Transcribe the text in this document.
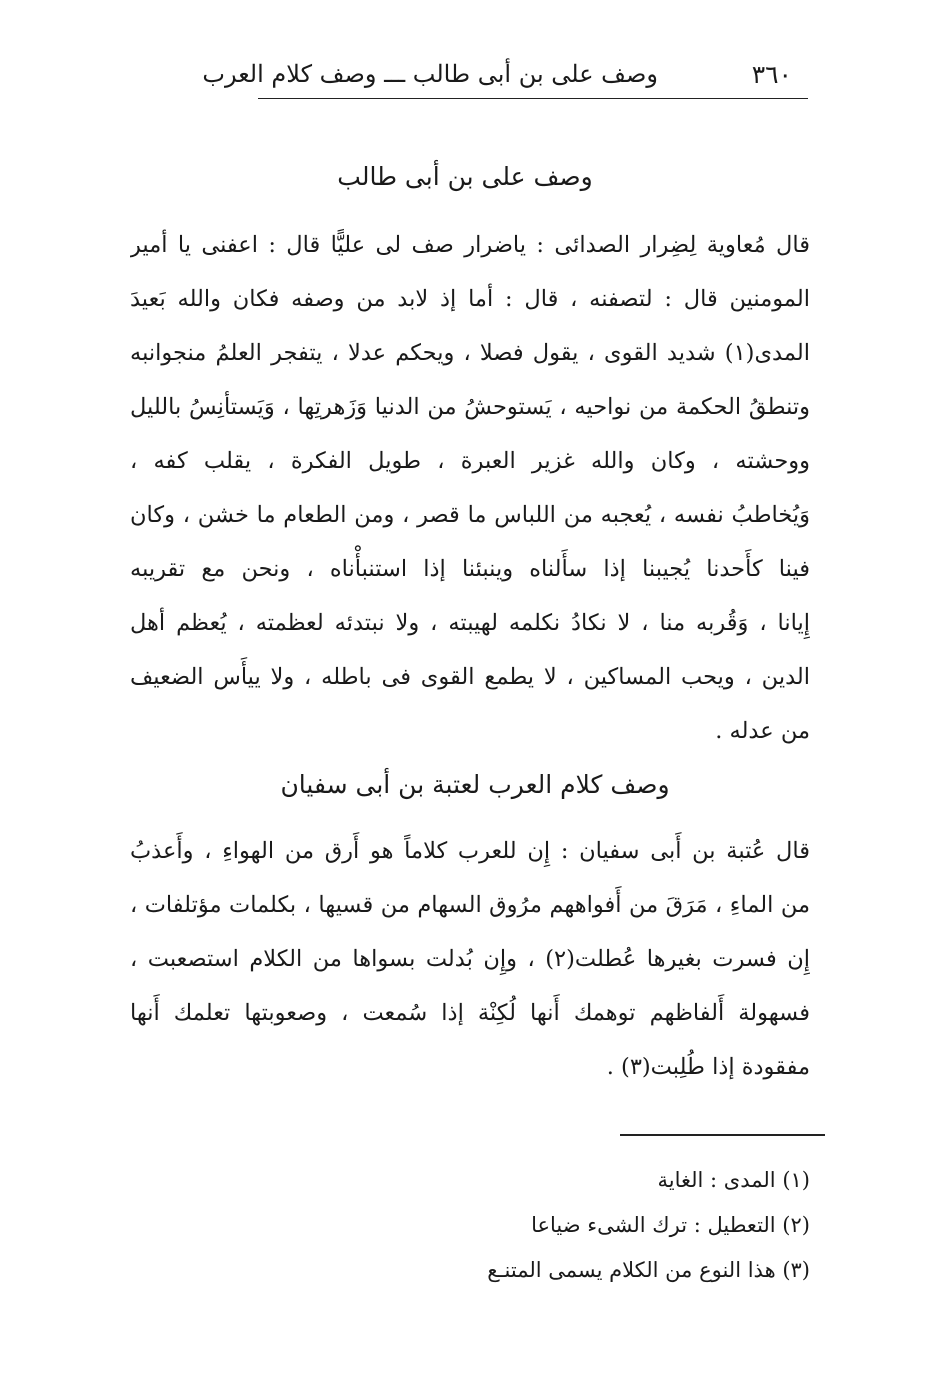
٣٦٠
وصف على بن أبى طالب ـــ وصف كلام العرب
وصف على بن أبى طالب
قال مُعاوية لِضِرار الصدائى : ياضرار صف لى عليًّا قال : اعفنى يا أمير
المومنين قال : لتصفنه ، قال : أما إذ لابد من وصفه فكان والله بَعيدَ
المدى(١) شديد القوى ، يقول فصلا ، ويحكم عدلا ، يتفجر العلمُ منجوانبه
وتنطقُ الحكمة من نواحيه ، يَستوحشُ من الدنيا وَزَهرتِها ، وَيَستأنِسُ بالليل
ووحشته ، وكان والله غزير العبرة ، طويل الفكرة ، يقلب كفه ،
وَيُخاطبُ نفسه ، يُعجبه من اللباس ما قصر ، ومن الطعام ما خشن ، وكان
فينا كأَحدنا يُجيبنا إذا سأَلناه وينبئنا إذا استنبأْناه ، ونحن مع تقريبه
إِيانا ، وَقُربه منا ، لا نكادُ نكلمه لهيبته ، ولا نبتدئه لعظمته ، يُعظم أهل
الدين ، ويحب المساكين ، لا يطمع القوى فى باطله ، ولا ييأَس الضعيف
من عدله .
وصف كلام العرب لعتبة بن أبى سفيان
قال عُتبة بن أَبى سفيان : إِن للعرب كلاماً هو أَرق من الهواءِ ، وأَعذبُ
من الماءِ ، مَرَقَ من أَفواههم مرُوق السهام من قسيها ، بكلمات مؤتلفات ،
إِن فسرت بغيرها عُطلت(٢) ، وإِن بُدلت بسواها من الكلام استصعبت ،
فسهولة أَلفاظهم توهمك أَنها لُكِنْة إذا سُمعت ، وصعوبتها تعلمك أَنها
مفقودة إذا طُلِبت(٣) .
(١) المدى : الغاية
(٢) التعطيل : ترك الشىء ضياعا
(٣) هذا النوع من الكلام يسمى المتنـع
